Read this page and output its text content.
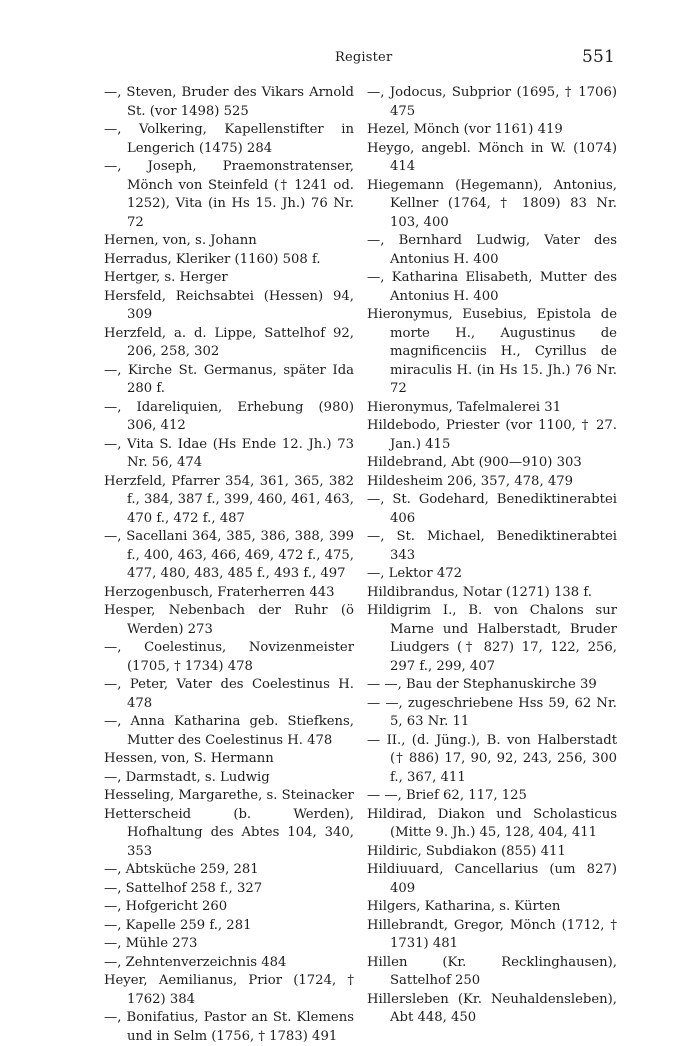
Register	551

—, Steven, Bruder des Vikars Arnold St. (vor 1498) 525

—, Volkering, Kapellenstifter in Lengerich (1475) 284

—, Joseph, Praemonstratenser, Mönch von Steinfeld († 1241 od. 1252), Vita (in Hs 15. Jh.) 76 Nr. 72

Hernen, von, s. Johann

Herradus, Kleriker (1160) 508 f.

Hertger, s. Herger

Hersfeld, Reichsabtei (Hessen) 94, 309

Herzfeld, a. d. Lippe, Sattelhof 92, 206, 258, 302

—, Kirche St. Germanus, später Ida 280 f.

—, Idareliquien, Erhebung (980) 306, 412

—, Vita S. Idae (Hs Ende 12. Jh.) 73 Nr. 56, 474

Herzfeld, Pfarrer 354, 361, 365, 382 f., 384, 387 f., 399, 460, 461, 463, 470 f., 472 f., 487

—, Sacellani 364, 385, 386, 388, 399 f., 400, 463, 466, 469, 472 f., 475, 477, 480, 483, 485 f., 493 f., 497

Herzogenbusch, Fraterherren 443

Hesper, Nebenbach der Ruhr (ö Werden) 273

—, Coelestinus, Novizenmeister (1705, † 1734) 478

—, Peter, Vater des Coelestinus H. 478

—, Anna Katharina geb. Stiefkens, Mutter des Coelestinus H. 478

Hessen, von, S. Hermann

—, Darmstadt, s. Ludwig

Hesseling, Margarethe, s. Steinacker

Hetterscheid (b. Werden), Hofhaltung des Abtes 104, 340, 353

—, Abtsküche 259, 281

—, Sattelhof 258 f., 327

—, Hofgericht 260

—, Kapelle 259 f., 281

—, Mühle 273

—, Zehntenverzeichnis 484

Heyer, Aemilianus, Prior (1724, † 1762) 384

—, Bonifatius, Pastor an St. Klemens und in Selm (1756, † 1783) 491

—, Jodocus, Subprior (1695, † 1706) 475

Hezel, Mönch (vor 1161) 419

Heygo, angebl. Mönch in W. (1074) 414

Hiegemann (Hegemann), Antonius, Kellner (1764, † 1809) 83 Nr. 103, 400

—, Bernhard Ludwig, Vater des Antonius H. 400

—, Katharina Elisabeth, Mutter des Antonius H. 400

Hieronymus, Eusebius, Epistola de morte H., Augustinus de magnificenciis H., Cyrillus de miraculis H. (in Hs 15. Jh.) 76 Nr. 72

Hieronymus, Tafelmalerei 31

Hildebodo, Priester (vor 1100, † 27. Jan.) 415

Hildebrand, Abt (900—910) 303

Hildesheim 206, 357, 478, 479

—, St. Godehard, Benediktinerabtei 406

—, St. Michael, Benediktinerabtei 343

—, Lektor 472

Hildibrandus, Notar (1271) 138 f.

Hildigrim I., B. von Chalons sur Marne und Halberstadt, Bruder Liudgers († 827) 17, 122, 256, 297 f., 299, 407

— —, Bau der Stephanuskirche 39

— —, zugeschriebene Hss 59, 62 Nr. 5, 63 Nr. 11

— II., (d. Jüng.), B. von Halberstadt († 886) 17, 90, 92, 243, 256, 300 f., 367, 411

— —, Brief 62, 117, 125

Hildirad, Diakon und Scholasticus (Mitte 9. Jh.) 45, 128, 404, 411

Hildiric, Subdiakon (855) 411

Hildiuuard, Cancellarius (um 827) 409

Hilgers, Katharina, s. Kürten

Hillebrandt, Gregor, Mönch (1712, † 1731) 481

Hillen (Kr. Recklinghausen), Sattelhof 250

Hillersleben (Kr. Neuhaldensleben), Abt 448, 450
